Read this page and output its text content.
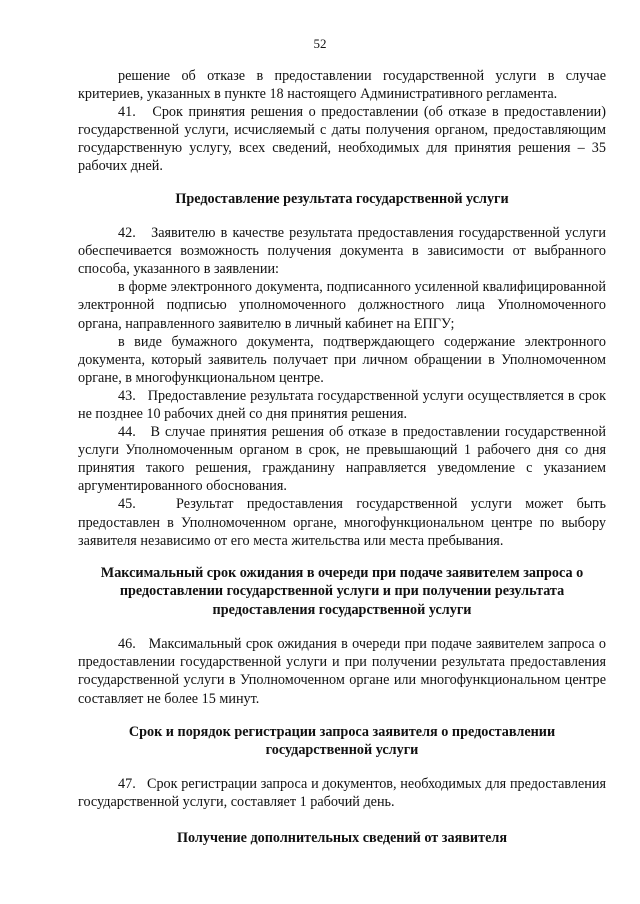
52

решение об отказе в предоставлении государственной услуги в случае критериев, указанных в пункте 18 настоящего Административного регламента.

41.   Срок принятия решения о предоставлении (об отказе в предоставлении) государственной услуги, исчисляемый с даты получения органом, предоставляющим государственную услугу, всех сведений, необходимых для принятия решения – 35 рабочих дней.

Предоставление результата государственной услуги

42.   Заявителю в качестве результата предоставления государственной услуги обеспечивается возможность получения документа в зависимости от выбранного способа, указанного в заявлении:

в форме электронного документа, подписанного усиленной квалифицированной электронной подписью уполномоченного должностного лица Уполномоченного органа, направленного заявителю в личный кабинет на ЕПГУ;

в виде бумажного документа, подтверждающего содержание электронного документа, который заявитель получает при личном обращении в Уполномоченном органе, в многофункциональном центре.

43.   Предоставление результата государственной услуги осуществляется в срок не позднее 10 рабочих дней со дня принятия решения.

44.   В случае принятия решения об отказе в предоставлении государственной услуги Уполномоченным органом в срок, не превышающий 1 рабочего дня со дня принятия такого решения, гражданину направляется уведомление с указанием аргументированного обоснования.

45.   Результат предоставления государственной услуги может быть предоставлен в Уполномоченном органе, многофункциональном центре по выбору заявителя независимо от его места жительства или места пребывания.

Максимальный срок ожидания в очереди при подаче заявителем запроса о предоставлении государственной услуги и при получении результата предоставления государственной услуги

46.   Максимальный срок ожидания в очереди при подаче заявителем запроса о предоставлении государственной услуги и при получении результата предоставления государственной услуги в Уполномоченном органе или многофункциональном центре составляет не более 15 минут.

Срок и порядок регистрации запроса заявителя о предоставлении государственной услуги

47.   Срок регистрации запроса и документов, необходимых для предоставления государственной услуги, составляет 1 рабочий день.

Получение дополнительных сведений от заявителя
